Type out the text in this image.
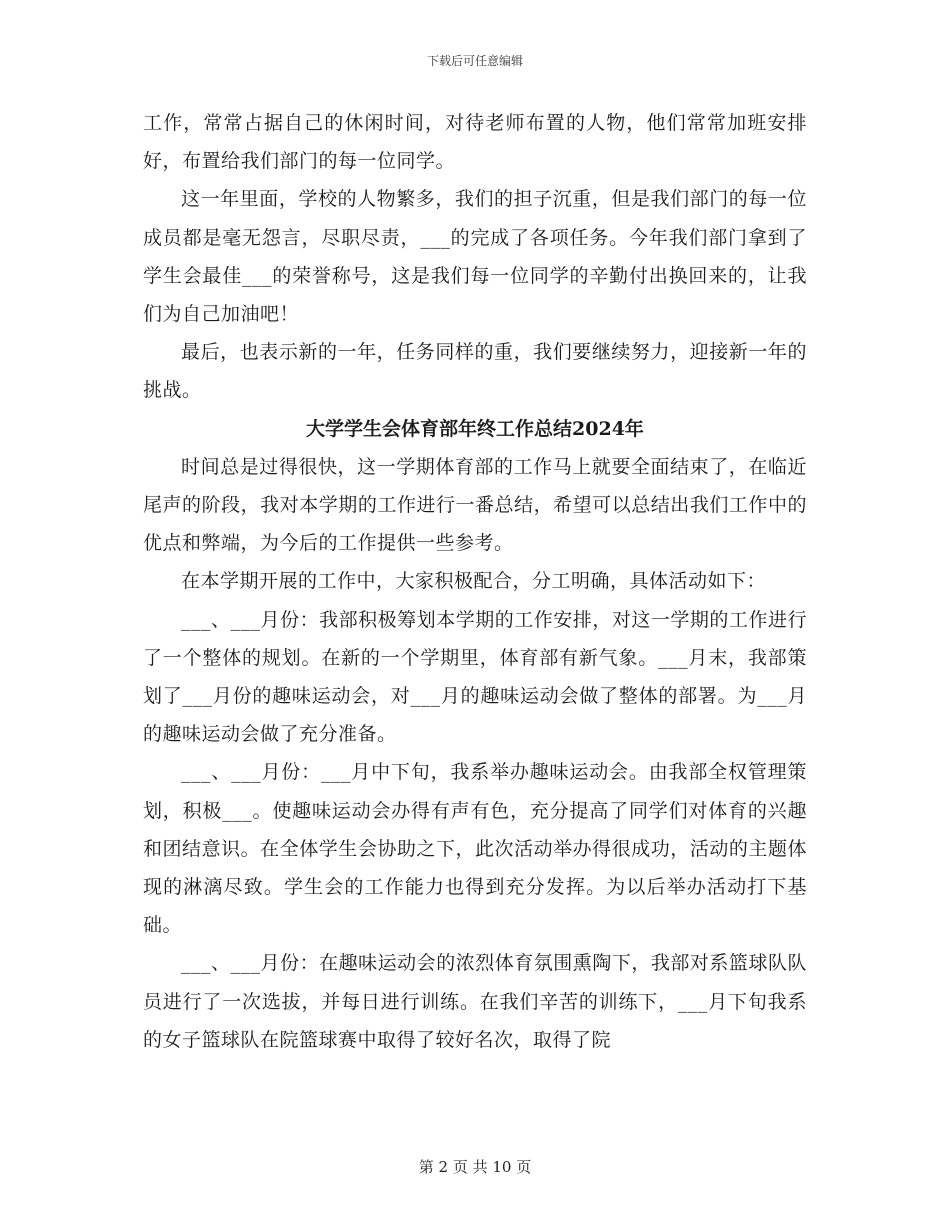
下载后可任意编辑

工作，常常占据自己的休闲时间，对待老师布置的人物，他们常常加班安排好，布置给我们部门的每一位同学。

这一年里面，学校的人物繁多，我们的担子沉重，但是我们部门的每一位成员都是毫无怨言，尽职尽责，___的完成了各项任务。今年我们部门拿到了学生会最佳___的荣誉称号，这是我们每一位同学的辛勤付出换回来的，让我们为自己加油吧！

最后，也表示新的一年，任务同样的重，我们要继续努力，迎接新一年的挑战。

大学学生会体育部年终工作总结2024年

时间总是过得很快，这一学期体育部的工作马上就要全面结束了，在临近尾声的阶段，我对本学期的工作进行一番总结，希望可以总结出我们工作中的优点和弊端，为今后的工作提供一些参考。

在本学期开展的工作中，大家积极配合，分工明确，具体活动如下：

___、___月份：我部积极筹划本学期的工作安排，对这一学期的工作进行了一个整体的规划。在新的一个学期里，体育部有新气象。___月末，我部策划了___月份的趣味运动会，对___月的趣味运动会做了整体的部署。为___月的趣味运动会做了充分准备。

___、___月份：___月中下旬，我系举办趣味运动会。由我部全权管理策划，积极___。使趣味运动会办得有声有色，充分提高了同学们对体育的兴趣和团结意识。在全体学生会协助之下，此次活动举办得很成功，活动的主题体现的淋漓尽致。学生会的工作能力也得到充分发挥。为以后举办活动打下基础。

___、___月份：在趣味运动会的浓烈体育氛围熏陶下，我部对系篮球队队员进行了一次选拔，并每日进行训练。在我们辛苦的训练下，___月下旬我系的女子篮球队在院篮球赛中取得了较好名次，取得了院

第 2 页 共 10 页
